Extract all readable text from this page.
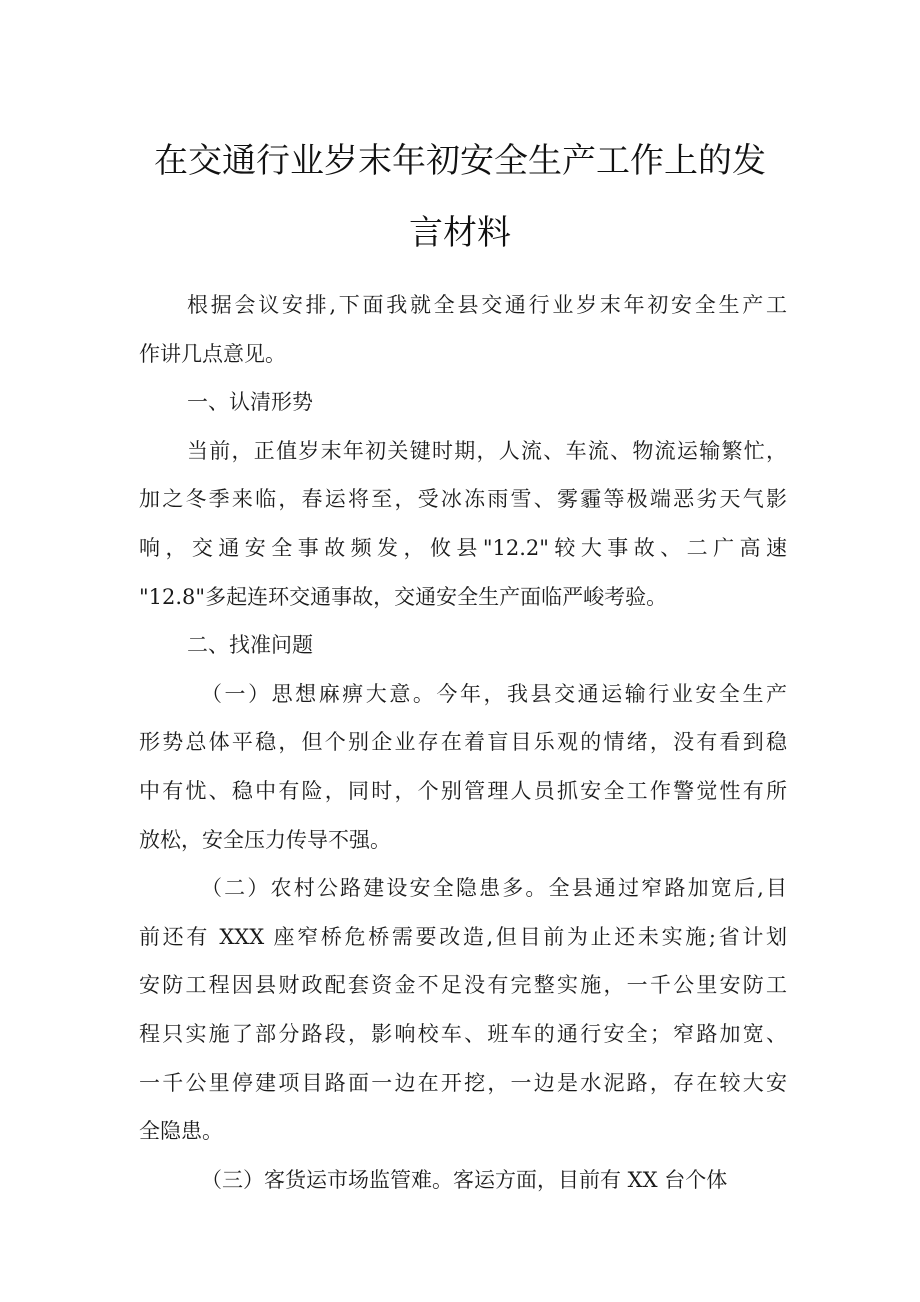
在交通行业岁末年初安全生产工作上的发
言材料

根据会议安排,下面我就全县交通行业岁末年初安全生产工
作讲几点意见。

一、认清形势

当前，正值岁末年初关键时期，人流、车流、物流运输繁忙，
加之冬季来临，春运将至，受冰冻雨雪、雾霾等极端恶劣天气影
响，交通安全事故频发，攸县"12.2"较大事故、二广高速
"12.8"多起连环交通事故，交通安全生产面临严峻考验。

二、找准问题

（一）思想麻痹大意。今年，我县交通运输行业安全生产
形势总体平稳，但个别企业存在着盲目乐观的情绪，没有看到稳
中有忧、稳中有险，同时，个别管理人员抓安全工作警觉性有所
放松，安全压力传导不强。

（二）农村公路建设安全隐患多。全县通过窄路加宽后,目
前还有 XXX 座窄桥危桥需要改造,但目前为止还未实施;省计划
安防工程因县财政配套资金不足没有完整实施，一千公里安防工
程只实施了部分路段，影响校车、班车的通行安全；窄路加宽、
一千公里停建项目路面一边在开挖，一边是水泥路，存在较大安
全隐患。

（三）客货运市场监管难。客运方面，目前有 XX 台个体
